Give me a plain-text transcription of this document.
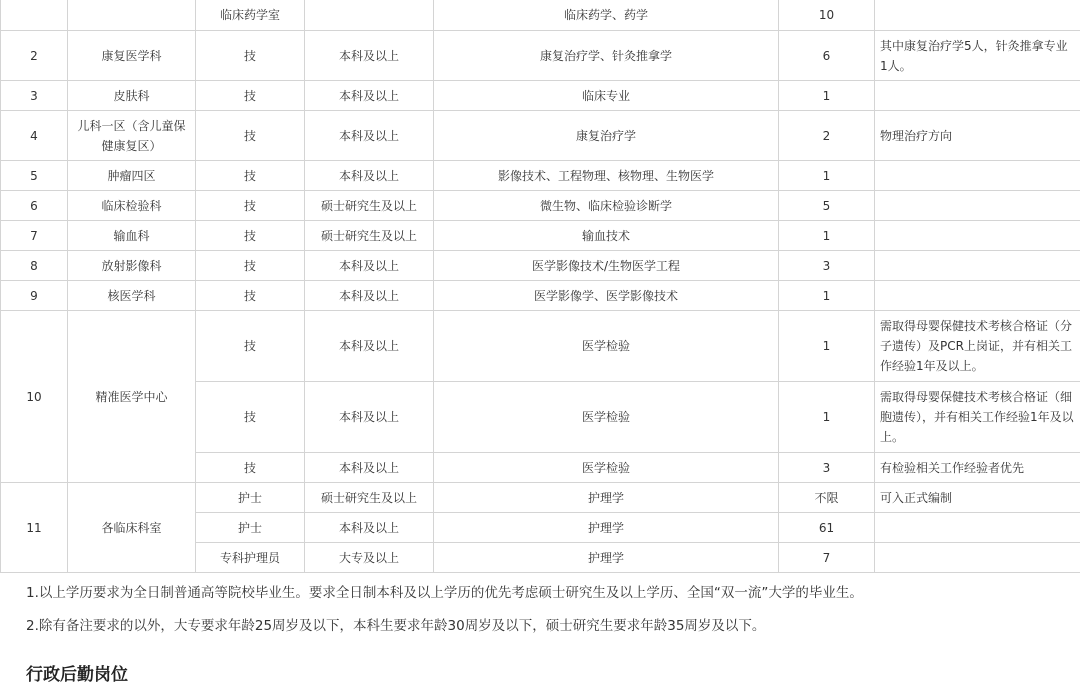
		临床药学室		临床药学、药学	10	
2	康复医学科	技	本科及以上	康复治疗学、针灸推拿学	6	其中康复治疗学5人，针灸推拿专业1人。
3	皮肤科	技	本科及以上	临床专业	1	
4	儿科一区（含儿童保健康复区）	技	本科及以上	康复治疗学	2	物理治疗方向
5	肿瘤四区	技	本科及以上	影像技术、工程物理、核物理、生物医学	1	
6	临床检验科	技	硕士研究生及以上	微生物、临床检验诊断学	5	
7	输血科	技	硕士研究生及以上	输血技术	1	
8	放射影像科	技	本科及以上	医学影像技术/生物医学工程	3	
9	核医学科	技	本科及以上	医学影像学、医学影像技术	1	
10	精准医学中心	技	本科及以上	医学检验	1	需取得母婴保健技术考核合格证（分子遗传）及PCR上岗证，并有相关工作经验1年及以上。
		技	本科及以上	医学检验	1	需取得母婴保健技术考核合格证（细胞遗传），并有相关工作经验1年及以上。
		技	本科及以上	医学检验	3	有检验相关工作经验者优先
11	各临床科室	护士	硕士研究生及以上	护理学	不限	可入正式编制
		护士	本科及以上	护理学	61	
		专科护理员	大专及以上	护理学	7	
1.以上学历要求为全日制普通高等院校毕业生。要求全日制本科及以上学历的优先考虑硕士研究生及以上学历、全国“双一流”大学的毕业生。
2.除有备注要求的以外，大专要求年龄25周岁及以下，本科生要求年龄30周岁及以下，硕士研究生要求年龄35周岁及以下。
行政后勤岗位
